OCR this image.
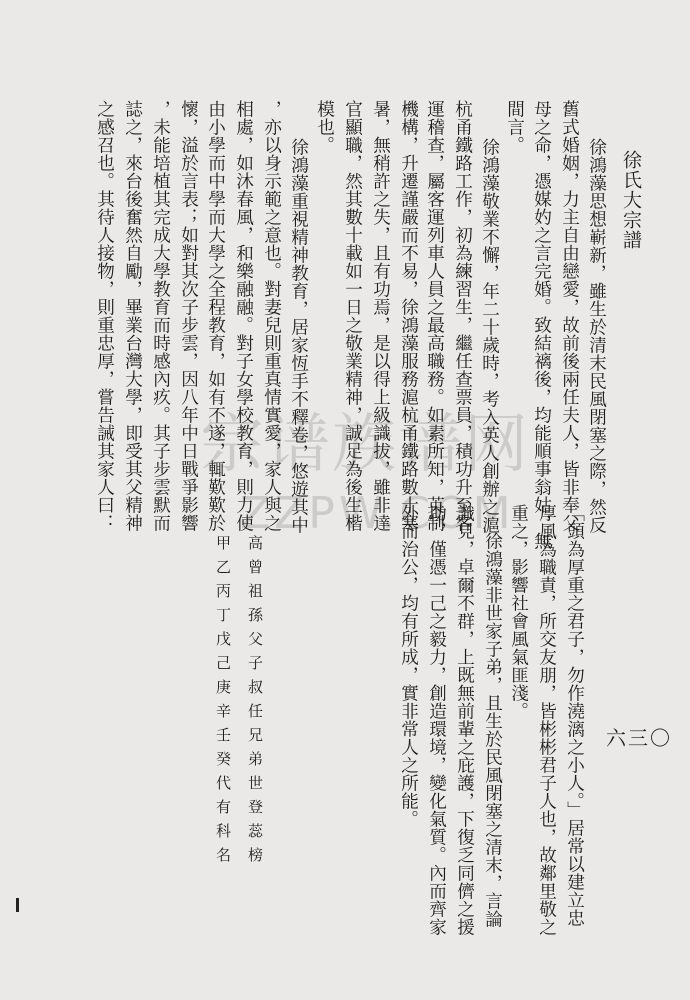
徐氏大宗譜
宗谱族谱网
ZZPW.COM	徐鴻藻思想嶄新，雖生於清末民風閉塞之際，然反
舊式婚姻，力主自由戀愛，故前後兩任夫人，皆非奉父
母之命，憑媒妁之言完婚。致結褵後，均能順事翁姑，無
間言。
徐鴻藻敬業不懈，年二十歲時，考入英人創辦之滬
杭甬鐵路工作，初為練習生，繼任查票員，積功升至客
運稽查，屬客運列車人員之最高職務。如素所知，英制
機構，升遷謹嚴而不易，徐鴻藻服務滬杭甬鐵路數十寒
暑，無稍許之失，且有功焉，是以得上級識拔，雖非達
官顯職，然其數十載如一日之敬業精神，誠足為後生楷
模也。
徐鴻藻重視精神教育，居家恆手不釋卷，悠遊其中
，亦以身示範之意也。對妻兒則重真情實愛，家人與之
相處，如沐春風，和樂融融。對子女學校教育，則力使
由小學而中學而大學之全程教育，如有不遂，輒歎歎於
懷，溢於言表；如對其次子步雲，因八年中日戰爭影響
，未能培植其完成大學教育而時感內疚。其子步雲默而
誌之，來台後奮然自勵，畢業台灣大學，即受其父精神
之感召也。其待人接物，則重忠厚，嘗告誡其家人曰：
「頭為厚重之君子，勿作澆漓之小人。」居常以建立忠
厚風為職責，所交友朋，皆彬彬君子人也，故鄰里敬之
重之，影響社會風氣匪淺。
徐鴻藻非世家子弟，且生於民風閉塞之清末，言論
識見，卓爾不群，上既無前輩之庇護，下復乏同儕之援
助，僅憑一己之毅力，創造環境，變化氣質。內而齊家
外而治公，均有所成，實非常人之所能。	六三〇
高
甲
曾
乙
祖
丙
孫
丁
父
戊
子
己
叔
庚
任
辛
兄
壬
弟
癸
世
代
登
有
蕊
科
榜
名
